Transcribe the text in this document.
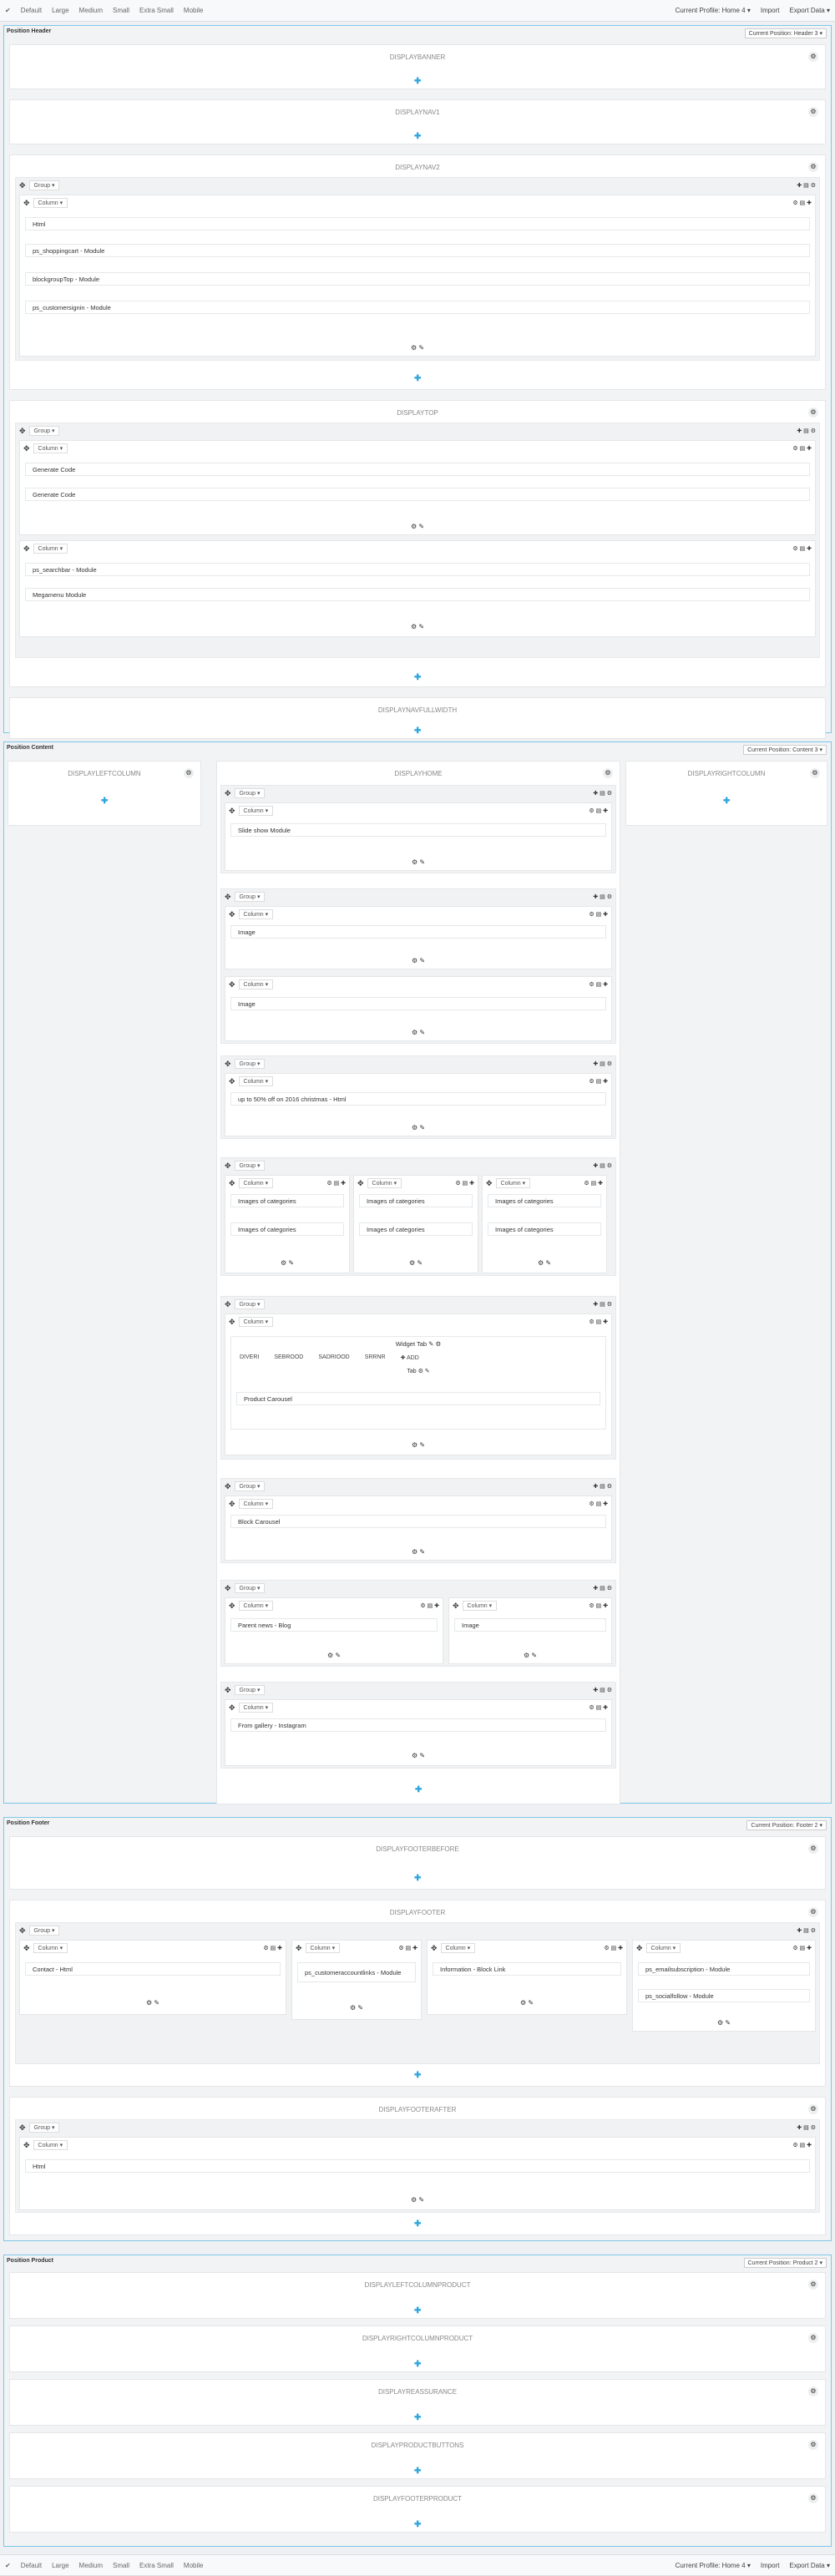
✔ Default Large Medium Small Extra Small Mobile	Current Profile: Home 4 ▾ Import Export Data ▾
Position Header	Current Position: Header 3 ▾
DISPLAYBANNER	⚙
✚
DISPLAYNAV1	⚙
✚
DISPLAYNAV2	⚙
✥	Group ▾	✚ ▤ ⚙
✥	Column ▾	⚙ ▤ ✚
Html
ps_shoppingcart - Module
blockgroupTop - Module
ps_customersignin - Module
⚙ ✎
✚
DISPLAYTOP	⚙
✥	Group ▾	✚ ▤ ⚙
✥	Column ▾	⚙ ▤ ✚
Generate Code
Generate Code
⚙ ✎
✥	Column ▾	⚙ ▤ ✚
ps_searchbar - Module
Megamenu Module
⚙ ✎
✚
DISPLAYNAVFULLWIDTH
✚
Position Content	Current Position: Content 3 ▾
DISPLAYLEFTCOLUMN	⚙
✚
DISPLAYRIGHTCOLUMN	⚙
✚
DISPLAYHOME	⚙
✥	Group ▾	✚ ▤ ⚙
✥	Column ▾	⚙ ▤ ✚
Slide show Module
⚙ ✎
✥	Group ▾	✚ ▤ ⚙
✥	Column ▾	⚙ ▤ ✚
Image
⚙ ✎
✥	Column ▾	⚙ ▤ ✚
Image
⚙ ✎
✥	Group ▾	✚ ▤ ⚙
✥	Column ▾	⚙ ▤ ✚
up to 50% off on 2016 christmas - Html
⚙ ✎
✥	Group ▾	✚ ▤ ⚙
✥	Column ▾	⚙ ▤ ✚
Images of categories
Images of categories
⚙ ✎
✥	Column ▾	⚙ ▤ ✚
Images of categories
Images of categories
⚙ ✎
✥	Column ▾	⚙ ▤ ✚
Images of categories
Images of categories
⚙ ✎
✥	Group ▾	✚ ▤ ⚙
✥	Column ▾	⚙ ▤ ✚
Widget Tab ✎ ⚙
DIVERI	SEBROOD	SADRIOOD	SRRNR	✚ ADD
Tab ⚙ ✎
Product Carousel
⚙ ✎
✥	Group ▾	✚ ▤ ⚙
✥	Column ▾	⚙ ▤ ✚
Block Carousel
⚙ ✎
✥	Group ▾	✚ ▤ ⚙
✥	Column ▾	⚙ ▤ ✚
Parent news - Blog
⚙ ✎
✥	Column ▾	⚙ ▤ ✚
Image
⚙ ✎
✥	Group ▾	✚ ▤ ⚙
✥	Column ▾	⚙ ▤ ✚
From gallery - Instagram
⚙ ✎
✚
Position Footer	Current Position: Footer 2 ▾
DISPLAYFOOTERBEFORE	⚙
✚
DISPLAYFOOTER	⚙
✥	Group ▾	✚ ▤ ⚙
✥	Column ▾	⚙ ▤ ✚
Contact - Html
⚙ ✎
✥	Column ▾	⚙ ▤ ✚
ps_customeraccountlinks - Module
⚙ ✎
✥	Column ▾	⚙ ▤ ✚
Information - Block Link
⚙ ✎
✥	Column ▾	⚙ ▤ ✚
ps_emailsubscription - Module
ps_socialfollow - Module
⚙ ✎
✚
DISPLAYFOOTERAFTER	⚙
✥	Group ▾	✚ ▤ ⚙
✥	Column ▾	⚙ ▤ ✚
Html
⚙ ✎
✚
Position Product	Current Position: Product 2 ▾
DISPLAYLEFTCOLUMNPRODUCT	⚙
✚
DISPLAYRIGHTCOLUMNPRODUCT	⚙
✚
DISPLAYREASSURANCE	⚙
✚
DISPLAYPRODUCTBUTTONS	⚙
✚
DISPLAYFOOTERPRODUCT	⚙
✚
✔ Default Large Medium Small Extra Small Mobile	Current Profile: Home 4 ▾ Import Export Data ▾
